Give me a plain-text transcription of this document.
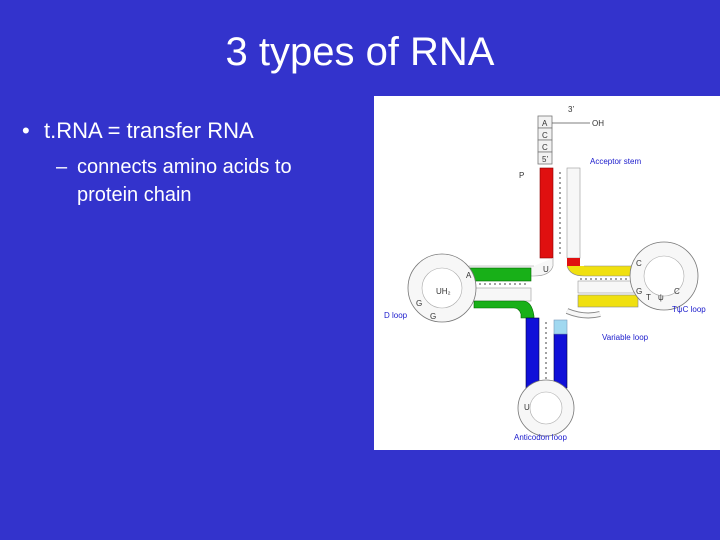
3 types of RNA
• t.RNA = transfer RNA
– connects amino acids to protein chain
3’
OH
5’
P
Acceptor stem
D loop
TψC loop
Variable loop
Anticodon loop
UH₂
A
C
C
U
A
G
G
C
G
T ψ
C
U
